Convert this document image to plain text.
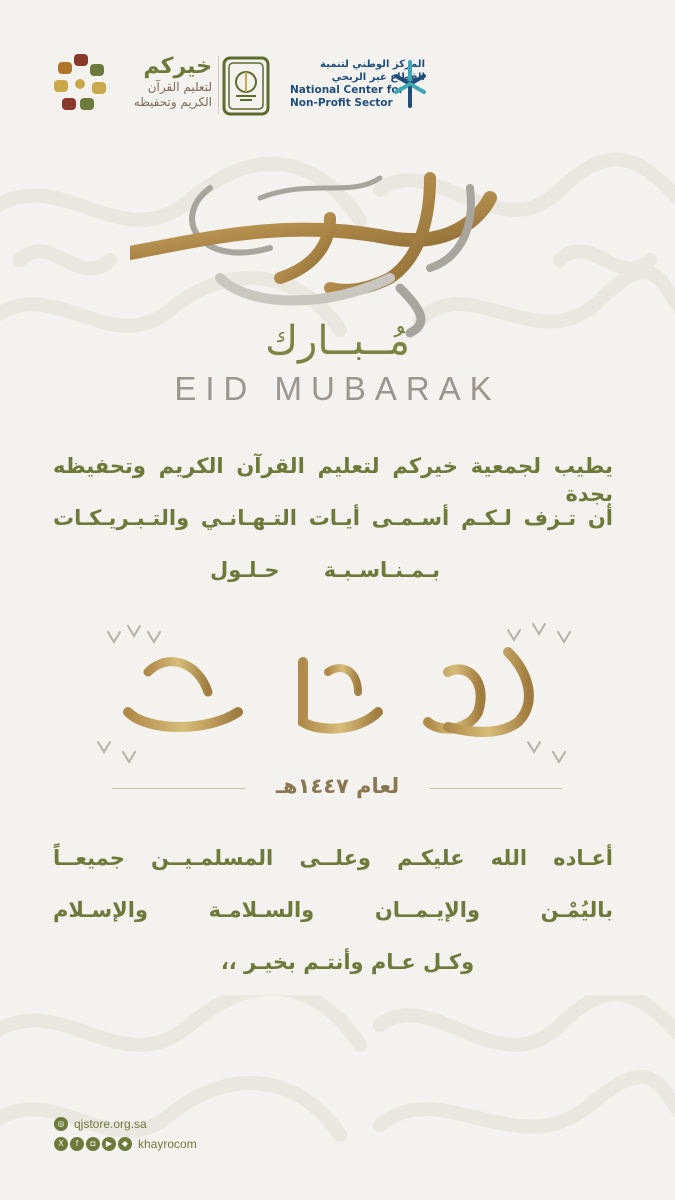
خيركم
لتعليم القرآن
الكريم وتحفيظه
المركز الوطني لتنمية
القطاع غير الربحي
National Center for
Non-Profit Sector
مُــبــارك
EID MUBARAK
يطيب لجمعية خيركم لتعليم القرآن الكريم وتحفيظه بجدة
أن تـزف لـكـم أسـمـى أيـات التـهـانـي والتـبـريـكـات
بـمـنـاسـبـة حـلـول
لعام ١٤٤٧هـ
أعـاده الله عليكـم وعلــى المسلمـيــن جميعــاً
باليُمْـن والإيـمــان والسـلامـة والإسـلام
وكـل عـام وأنتـم بخيـر ،،
◎ qjstore.org.sa
X	f	◘	▶	◆ khayrocom
